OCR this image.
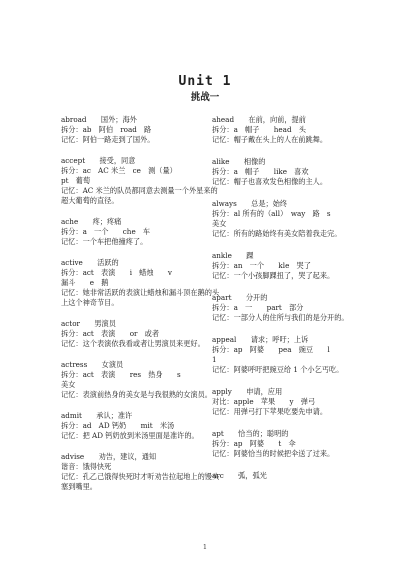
Unit 1
挑战一
abroad　　国外；海外
拆分：ab　阿伯　road　路
记忆：阿伯一路走到了国外。
accept　　接受，同意
拆分：ac　AC 米兰　ce　测（量）
pt　葡萄
记忆：AC 米兰的队员都同意去测量一个外星来的超大葡萄的直径。
ache　　疼；疼痛
拆分：a　一个　　che　车
记忆：一个车把他撞疼了。
active　　活跃的
拆分：act　表演　　i　蜡烛　　v
漏斗　　e　鹅
记忆：她非常活跃的表演让蜡烛和漏斗顶在鹅的头上这个神奇节目。
actor　　男演员
拆分：act　表演　　or　或者
记忆：这个表演依我看或者让男演员来更好。
actress　　女演员
拆分：act　表演　　res　热身　　s
美女
记忆：表演前热身的美女是与我很熟的女演员。
admit　　承认；准许
拆分：ad　AD 钙奶　　mit　米汤
记忆：把 AD 钙奶放到米汤里面是准许的。
advise　　劝告，建议，通知
谐音：饿得快死
记忆：孔乙己饿得快死时才听劝告拉起地上的馒头塞到嘴里。
ahead　　在前，向前，提前
拆分：a　帽子　　head　头
记忆：帽子戴在头上的人在前跳舞。
alike　　相像的
拆分：a　帽子　　like　喜欢
记忆：帽子也喜欢发色相像的主人。
always　　总是；始终
拆分：al 所有的（all）　way　路　s
美女
记忆：所有的路始终有美女陪着我走完。
ankle　　踝
拆分：an　一个　　kle　哭了
记忆：一个小孩脚踝扭了，哭了起来。
apart　　分开的
拆分：a　一　　part　部分
记忆：一部分人的住所与我们的是分开的。
appeal　　请求；呼吁；上诉
拆分：ap　阿婆　　pea　豌豆　　l
1
记忆：阿婆呼吁把豌豆给 1 个小乞丐吃。
apply　　申请，应用
对比：apple　苹果　　y　弹弓
记忆：用弹弓打下苹果吃要先申请。
apt　　恰当的；聪明的
拆分：ap　阿婆　　t　伞
记忆：阿婆恰当的时候把伞送了过来。
arc　　弧，弧光
1
